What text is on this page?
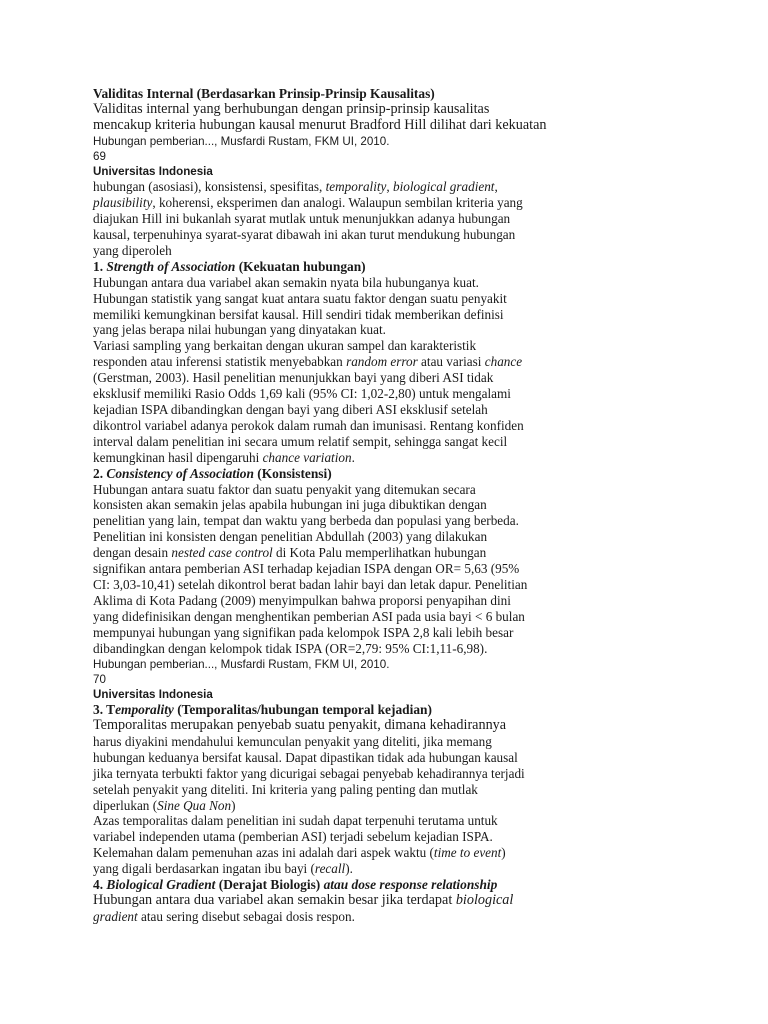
Validitas Internal (Berdasarkan Prinsip-Prinsip Kausalitas)
Validitas internal yang berhubungan dengan prinsip-prinsip kausalitas
mencakup kriteria hubungan kausal menurut Bradford Hill dilihat dari kekuatan
Hubungan pemberian..., Musfardi Rustam, FKM UI, 2010.
69
Universitas Indonesia
hubungan (asosiasi), konsistensi, spesifitas, temporality, biological gradient,
plausibility, koherensi, eksperimen dan analogi. Walaupun sembilan kriteria yang
diajukan Hill ini bukanlah syarat mutlak untuk menunjukkan adanya hubungan
kausal, terpenuhinya syarat-syarat dibawah ini akan turut mendukung hubungan
yang diperoleh
1. Strength of Association (Kekuatan hubungan)
Hubungan antara dua variabel akan semakin nyata bila hubunganya kuat.
Hubungan statistik yang sangat kuat antara suatu faktor dengan suatu penyakit
memiliki kemungkinan bersifat kausal. Hill sendiri tidak memberikan definisi
yang jelas berapa nilai hubungan yang dinyatakan kuat.
Variasi sampling yang berkaitan dengan ukuran sampel dan karakteristik
responden atau inferensi statistik menyebabkan random error atau variasi chance
(Gerstman, 2003). Hasil penelitian menunjukkan bayi yang diberi ASI tidak
eksklusif memiliki Rasio Odds 1,69 kali (95% CI: 1,02-2,80) untuk mengalami
kejadian ISPA dibandingkan dengan bayi yang diberi ASI eksklusif setelah
dikontrol variabel adanya perokok dalam rumah dan imunisasi. Rentang konfiden
interval dalam penelitian ini secara umum relatif sempit, sehingga sangat kecil
kemungkinan hasil dipengaruhi chance variation.
2. Consistency of Association (Konsistensi)
Hubungan antara suatu faktor dan suatu penyakit yang ditemukan secara
konsisten akan semakin jelas apabila hubungan ini juga dibuktikan dengan
penelitian yang lain, tempat dan waktu yang berbeda dan populasi yang berbeda.
Penelitian ini konsisten dengan penelitian Abdullah (2003) yang dilakukan
dengan desain nested case control di Kota Palu memperlihatkan hubungan
signifikan antara pemberian ASI terhadap kejadian ISPA dengan OR= 5,63 (95%
CI: 3,03-10,41) setelah dikontrol berat badan lahir bayi dan letak dapur. Penelitian
Aklima di Kota Padang (2009) menyimpulkan bahwa proporsi penyapihan dini
yang didefinisikan dengan menghentikan pemberian ASI pada usia bayi < 6 bulan
mempunyai hubungan yang signifikan pada kelompok ISPA 2,8 kali lebih besar
dibandingkan dengan kelompok tidak ISPA (OR=2,79: 95% CI:1,11-6,98).
Hubungan pemberian..., Musfardi Rustam, FKM UI, 2010.
70
Universitas Indonesia
3. Temporality (Temporalitas/hubungan temporal kejadian)
Temporalitas merupakan penyebab suatu penyakit, dimana kehadirannya
harus diyakini mendahului kemunculan penyakit yang diteliti, jika memang
hubungan keduanya bersifat kausal. Dapat dipastikan tidak ada hubungan kausal
jika ternyata terbukti faktor yang dicurigai sebagai penyebab kehadirannya terjadi
setelah penyakit yang diteliti. Ini kriteria yang paling penting dan mutlak
diperlukan (Sine Qua Non)
Azas temporalitas dalam penelitian ini sudah dapat terpenuhi terutama untuk
variabel independen utama (pemberian ASI) terjadi sebelum kejadian ISPA.
Kelemahan dalam pemenuhan azas ini adalah dari aspek waktu (time to event)
yang digali berdasarkan ingatan ibu bayi (recall).
4. Biological Gradient (Derajat Biologis) atau dose response relationship
Hubungan antara dua variabel akan semakin besar jika terdapat biological
gradient atau sering disebut sebagai dosis respon.
